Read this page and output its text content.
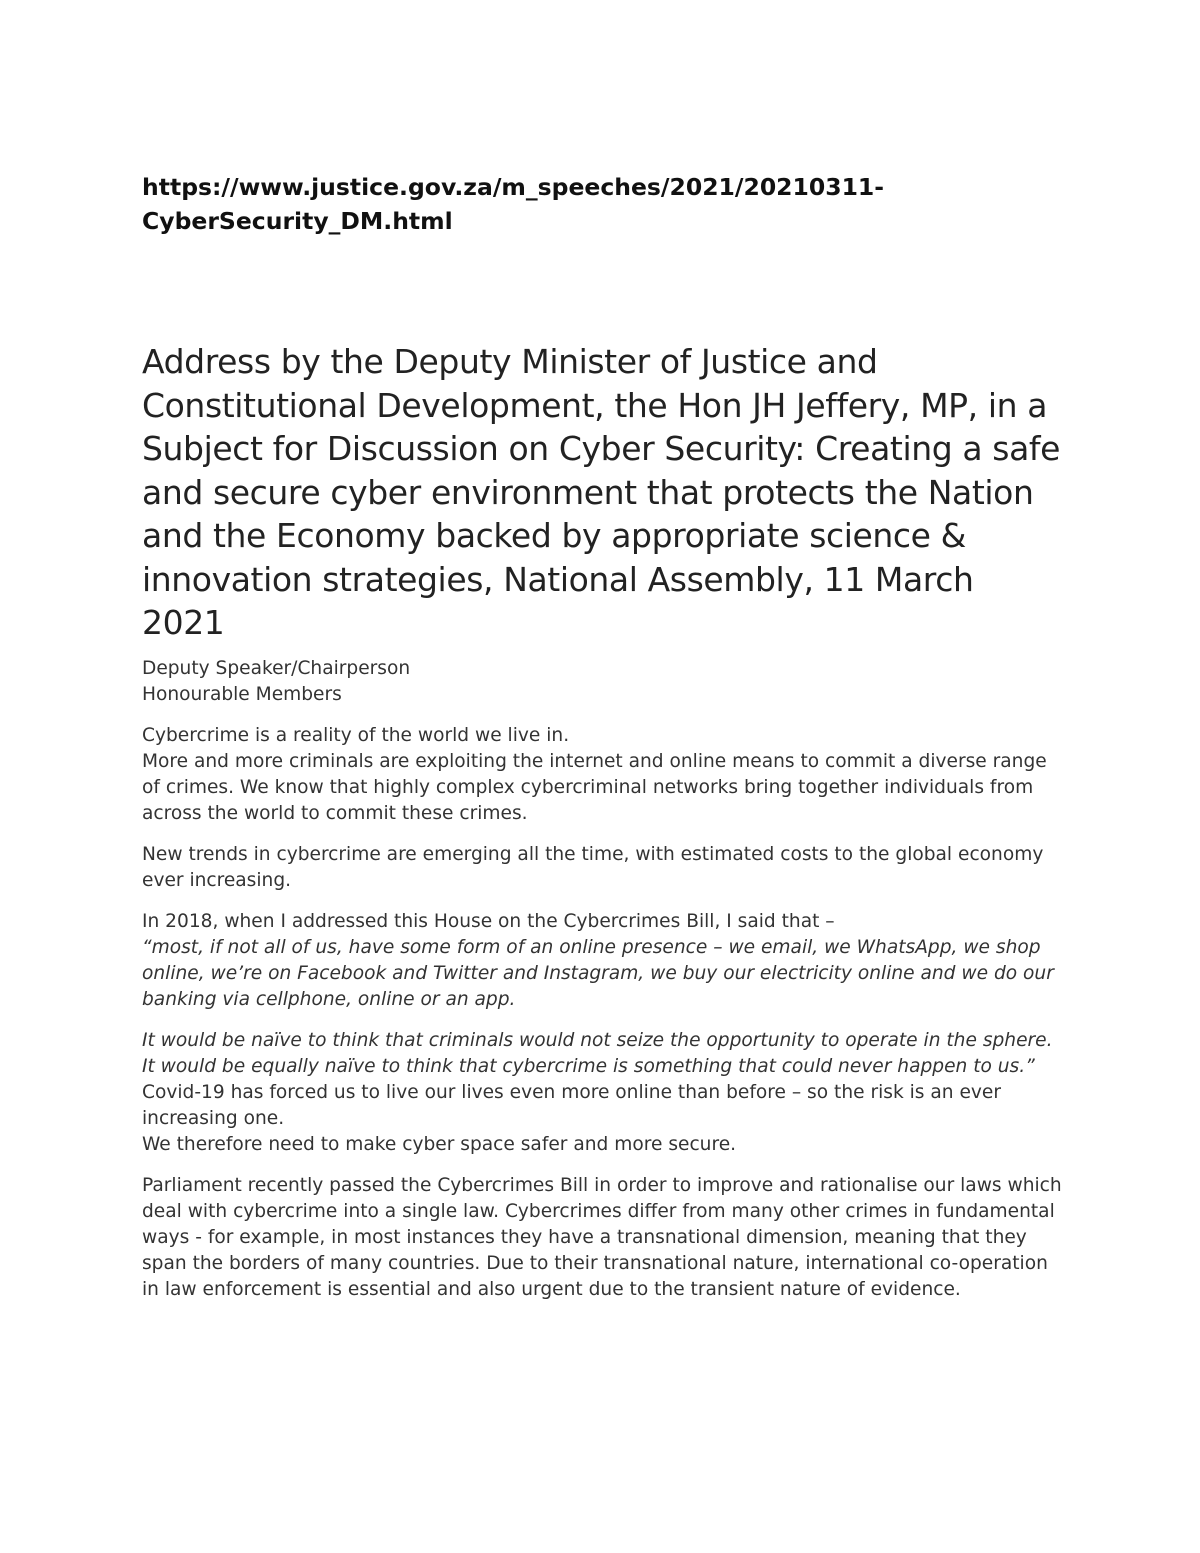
https://www.justice.gov.za/m_speeches/2021/20210311-
CyberSecurity_DM.html
Address by the Deputy Minister of Justice and Constitutional Development, the Hon JH Jeffery, MP, in a Subject for Discussion on Cyber Security: Creating a safe and secure cyber environment that protects the Nation and the Economy backed by appropriate science & innovation strategies, National Assembly, 11 March 2021

Deputy Speaker/Chairperson
Honourable Members

Cybercrime is a reality of the world we live in.
More and more criminals are exploiting the internet and online means to commit a diverse range of crimes. We know that highly complex cybercriminal networks bring together individuals from across the world to commit these crimes.

New trends in cybercrime are emerging all the time, with estimated costs to the global economy ever increasing.

In 2018, when I addressed this House on the Cybercrimes Bill, I said that –
“most, if not all of us, have some form of an online presence – we email, we WhatsApp, we shop online, we’re on Facebook and Twitter and Instagram, we buy our electricity online and we do our banking via cellphone, online or an app.

It would be naïve to think that criminals would not seize the opportunity to operate in the sphere. It would be equally naïve to think that cybercrime is something that could never happen to us.”

Covid-19 has forced us to live our lives even more online than before – so the risk is an ever increasing one.

We therefore need to make cyber space safer and more secure.

Parliament recently passed the Cybercrimes Bill in order to improve and rationalise our laws which deal with cybercrime into a single law. Cybercrimes differ from many other crimes in fundamental ways - for example, in most instances they have a transnational dimension, meaning that they span the borders of many countries. Due to their transnational nature, international co-operation in law enforcement is essential and also urgent due to the transient nature of evidence.
